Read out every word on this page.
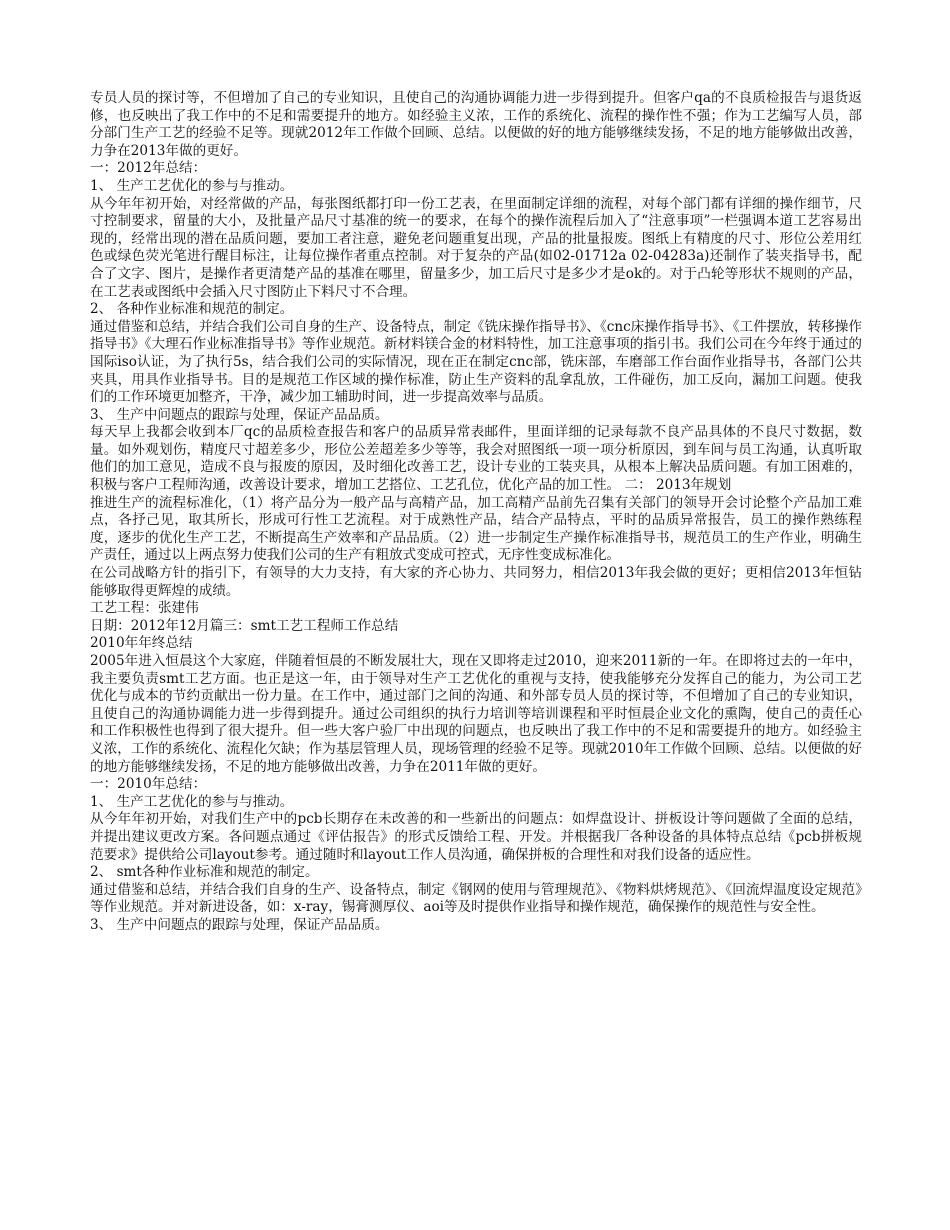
专员人员的探讨等，不但增加了自己的专业知识，且使自己的沟通协调能力进一步得到提升。但客户qa的不良质检报告与退货返修，也反映出了我工作中的不足和需要提升的地方。如经验主义浓，工作的系统化、流程的操作性不强；作为工艺编写人员，部分部门生产工艺的经验不足等。现就2012年工作做个回顾、总结。以便做的好的地方能够继续发扬，不足的地方能够做出改善，力争在2013年做的更好。

一：2012年总结：

1、 生产工艺优化的参与与推动。

从今年年初开始，对经常做的产品，每张图纸都打印一份工艺表，在里面制定详细的流程，对每个部门都有详细的操作细节，尺寸控制要求，留量的大小，及批量产品尺寸基准的统一的要求，在每个的操作流程后加入了“注意事项”一栏强调本道工艺容易出现的，经常出现的潜在品质问题，要加工者注意，避免老问题重复出现，产品的批量报废。图纸上有精度的尺寸、形位公差用红色或绿色荧光笔进行醒目标注，让每位操作者重点控制。对于复杂的产品(如02-01712a 02-04283a)还制作了装夹指导书，配合了文字、图片，是操作者更清楚产品的基准在哪里，留量多少，加工后尺寸是多少才是ok的。对于凸轮等形状不规则的产品，在工艺表或图纸中会插入尺寸图防止下料尺寸不合理。

2、 各种作业标准和规范的制定。

通过借鉴和总结，并结合我们公司自身的生产、设备特点，制定《铣床操作指导书》、《cnc床操作指导书》、《工件摆放，转移操作指导书》《大理石作业标准指导书》等作业规范。新材料镁合金的材料特性，加工注意事项的指引书。我们公司在今年终于通过的国际iso认证，为了执行5s，结合我们公司的实际情况，现在正在制定cnc部，铣床部，车磨部工作台面作业指导书，各部门公共夹具，用具作业指导书。目的是规范工作区域的操作标准，防止生产资料的乱拿乱放，工件碰伤，加工反向，漏加工问题。使我们的工作环境更加整齐，干净，减少加工辅助时间，进一步提高效率与品质。

3、 生产中问题点的跟踪与处理，保证产品品质。

每天早上我都会收到本厂qc的品质检查报告和客户的品质异常表邮件，里面详细的记录每款不良产品具体的不良尺寸数据，数量。如外观划伤，精度尺寸超差多少，形位公差超差多少等等，我会对照图纸一项一项分析原因，到车间与员工沟通，认真听取他们的加工意见，造成不良与报废的原因，及时细化改善工艺，设计专业的工装夹具，从根本上解决品质问题。有加工困难的，积极与客户工程师沟通，改善设计要求，增加工艺搭位、工艺孔位，优化产品的加工性。 二： 2013年规划

推进生产的流程标准化，（1）将产品分为一般产品与高精产品，加工高精产品前先召集有关部门的领导开会讨论整个产品加工难点，各抒己见，取其所长，形成可行性工艺流程。对于成熟性产品，结合产品特点，平时的品质异常报告，员工的操作熟练程度，逐步的优化生产工艺，不断提高生产效率和产品品质。（2）进一步制定生产操作标准指导书，规范员工的生产作业，明确生产责任，通过以上两点努力使我们公司的生产有粗放式变成可控式，无序性变成标准化。

在公司战略方针的指引下，有领导的大力支持，有大家的齐心协力、共同努力，相信2013年我会做的更好；更相信2013年恒钻能够取得更辉煌的成绩。

工艺工程：张建伟

日期：2012年12月篇三：smt工艺工程师工作总结

2010年年终总结

2005年进入恒晨这个大家庭，伴随着恒晨的不断发展壮大，现在又即将走过2010，迎来2011新的一年。在即将过去的一年中，我主要负责smt工艺方面。也正是这一年，由于领导对生产工艺优化的重视与支持，使我能够充分发挥自己的能力，为公司工艺优化与成本的节约贡献出一份力量。在工作中，通过部门之间的沟通、和外部专员人员的探讨等，不但增加了自己的专业知识，且使自己的沟通协调能力进一步得到提升。通过公司组织的执行力培训等培训课程和平时恒晨企业文化的熏陶，使自己的责任心和工作积极性也得到了很大提升。但一些大客户验厂中出现的问题点，也反映出了我工作中的不足和需要提升的地方。如经验主义浓，工作的系统化、流程化欠缺；作为基层管理人员，现场管理的经验不足等。现就2010年工作做个回顾、总结。以便做的好的地方能够继续发扬，不足的地方能够做出改善，力争在2011年做的更好。

一：2010年总结：

1、 生产工艺优化的参与与推动。

从今年年初开始，对我们生产中的pcb长期存在未改善的和一些新出的问题点：如焊盘设计、拼板设计等问题做了全面的总结，并提出建议更改方案。各问题点通过《评估报告》的形式反馈给工程、开发。并根据我厂各种设备的具体特点总结《pcb拼板规范要求》提供给公司layout参考。通过随时和layout工作人员沟通，确保拼板的合理性和对我们设备的适应性。

2、 smt各种作业标准和规范的制定。

通过借鉴和总结，并结合我们自身的生产、设备特点，制定《钢网的使用与管理规范》、《物料烘烤规范》、《回流焊温度设定规范》等作业规范。并对新进设备，如：x-ray，锡膏测厚仪、aoi等及时提供作业指导和操作规范，确保操作的规范性与安全性。

3、 生产中问题点的跟踪与处理，保证产品品质。
